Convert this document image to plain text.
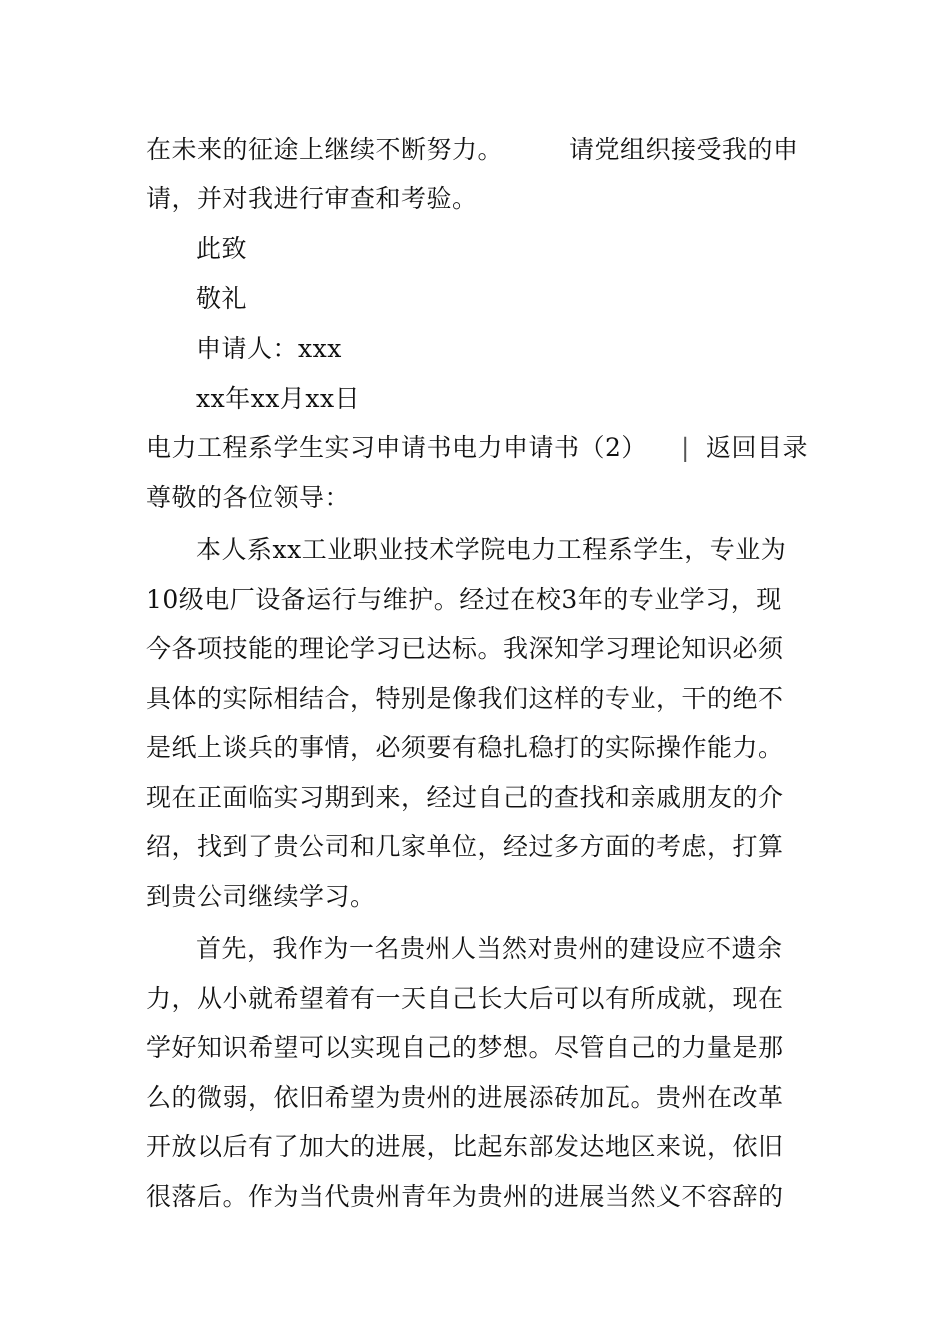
在未来的征途上继续不断努力。	请党组织接受我的申
请，并对我进行审查和考验。
此致
敬礼
申请人：xxx
xx年xx月xx日
电力工程系学生实习申请书电力申请书（2） | 返回目录
尊敬的各位领导：
本人系xx工业职业技术学院电力工程系学生，专业为
10级电厂设备运行与维护。经过在校3年的专业学习，现
今各项技能的理论学习已达标。我深知学习理论知识必须
具体的实际相结合，特别是像我们这样的专业，干的绝不
是纸上谈兵的事情，必须要有稳扎稳打的实际操作能力。
现在正面临实习期到来，经过自己的查找和亲戚朋友的介
绍，找到了贵公司和几家单位，经过多方面的考虑，打算
到贵公司继续学习。
首先，我作为一名贵州人当然对贵州的建设应不遗余
力，从小就希望着有一天自己长大后可以有所成就，现在
学好知识希望可以实现自己的梦想。尽管自己的力量是那
么的微弱，依旧希望为贵州的进展添砖加瓦。贵州在改革
开放以后有了加大的进展，比起东部发达地区来说，依旧
很落后。作为当代贵州青年为贵州的进展当然义不容辞的
